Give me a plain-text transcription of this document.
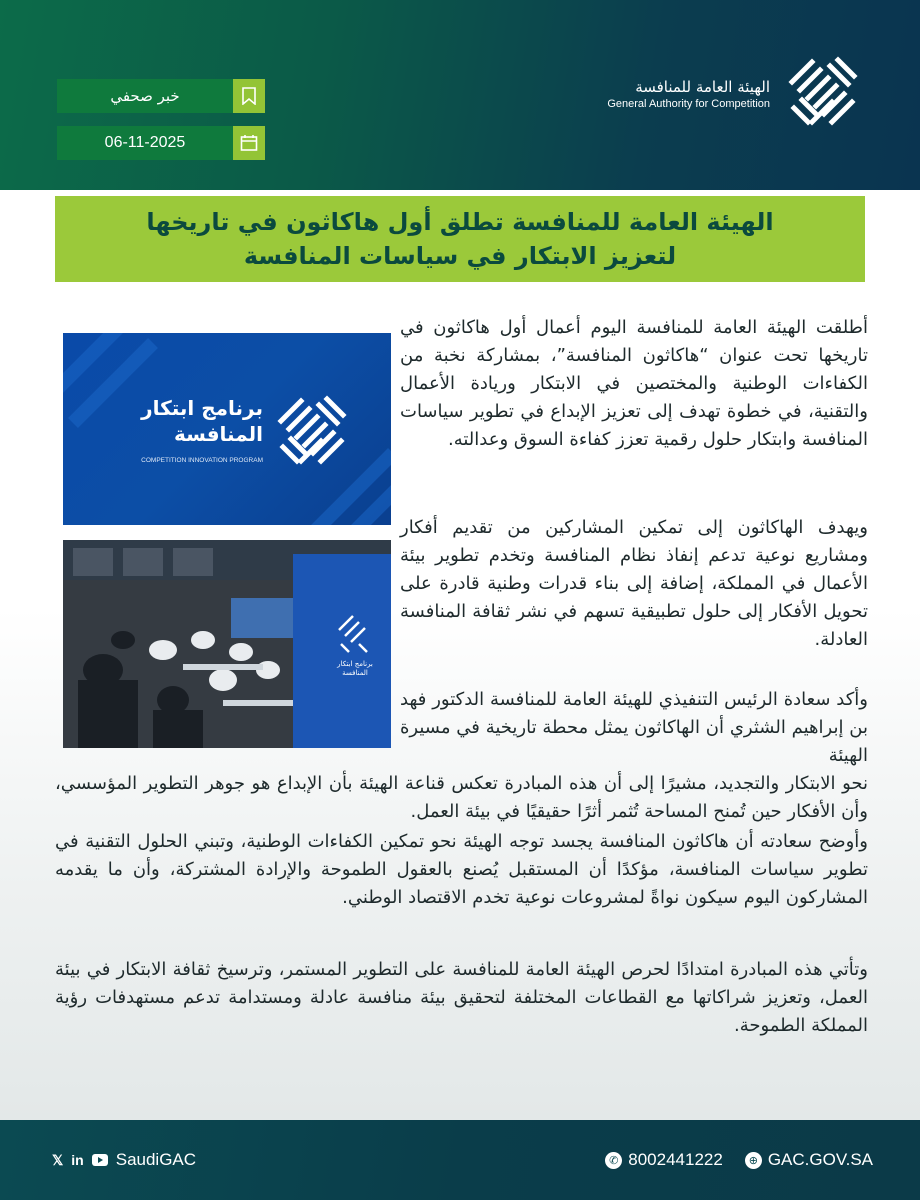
الهيئة العامة للمنافسة
General Authority for Competition
خبر صحفي
06-11-2025
الهيئة العامة للمنافسة تطلق أول هاكاثون في تاريخها
لتعزيز الابتكار في سياسات المنافسة
برنامج ابتكار
المنافسة
COMPETITION INNOVATION PROGRAM
برنامج ابتكار
المنافسة
أطلقت الهيئة العامة للمنافسة اليوم أعمال أول هاكاثون في تاريخها تحت عنوان “هاكاثون المنافسة”، بمشاركة نخبة من الكفاءات الوطنية والمختصين في الابتكار وريادة الأعمال والتقنية، في خطوة تهدف إلى تعزيز الإبداع في تطوير سياسات المنافسة وابتكار حلول رقمية تعزز كفاءة السوق وعدالته.
ويهدف الهاكاثون إلى تمكين المشاركين من تقديم أفكار ومشاريع نوعية تدعم إنفاذ نظام المنافسة وتخدم تطوير بيئة الأعمال في المملكة، إضافة إلى بناء قدرات وطنية قادرة على تحويل الأفكار إلى حلول تطبيقية تسهم في نشر ثقافة المنافسة العادلة.
وأكد سعادة الرئيس التنفيذي للهيئة العامة للمنافسة الدكتور فهد بن إبراهيم الشثري أن الهاكاثون يمثل محطة تاريخية في مسيرة الهيئة
نحو الابتكار والتجديد، مشيرًا إلى أن هذه المبادرة تعكس قناعة الهيئة بأن الإبداع هو جوهر التطوير المؤسسي، وأن الأفكار حين تُمنح المساحة تُثمر أثرًا حقيقيًا في بيئة العمل.
وأوضح سعادته أن هاكاثون المنافسة يجسد توجه الهيئة نحو تمكين الكفاءات الوطنية، وتبني الحلول التقنية في تطوير سياسات المنافسة، مؤكدًا أن المستقبل يُصنع بالعقول الطموحة والإرادة المشتركة، وأن ما يقدمه المشاركون اليوم سيكون نواةً لمشروعات نوعية تخدم الاقتصاد الوطني.
وتأتي هذه المبادرة امتدادًا لحرص الهيئة العامة للمنافسة على التطوير المستمر، وترسيخ ثقافة الابتكار في بيئة العمل، وتعزيز شراكاتها مع القطاعات المختلفة لتحقيق بيئة منافسة عادلة ومستدامة تدعم مستهدفات رؤية المملكة الطموحة.
𝕏 in SaudiGAC	✆ 8002441222	⊕ GAC.GOV.SA
